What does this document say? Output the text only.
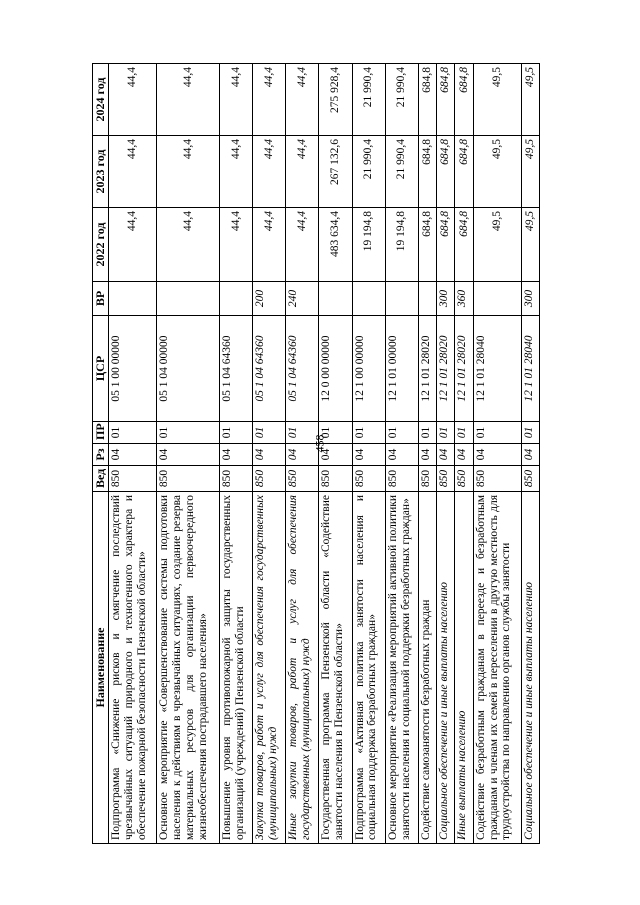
458
Наименование	Вед	Рз	ПР	ЦСР	ВР	2022 год	2023 год	2024 год
Подпрограмма «Снижение рисков и смягчение последствий чрезвычайных ситуаций природного и техногенного характера и обеспечение пожарной безопасности Пензенской области»	850	04	01	05 1 00 00000		44,4	44,4	44,4
Основное мероприятие «Совершенствование системы подготовки населения к действиям в чрезвычайных ситуациях, создание резерва материальных ресурсов для организации первоочередного жизнеобеспечения пострадавшего населения»	850	04	01	05 1 04 00000		44,4	44,4	44,4
Повышение уровня противопожарной защиты государственных организаций (учреждений) Пензенской области	850	04	01	05 1 04 64360		44,4	44,4	44,4
Закупка товаров, работ и услуг для обеспечения государственных (муниципальных) нужд	850	04	01	05 1 04 64360	200	44,4	44,4	44,4
Иные закупки товаров, работ и услуг для обеспечения государственных (муниципальных) нужд	850	04	01	05 1 04 64360	240	44,4	44,4	44,4
Государственная программа Пензенской области «Содействие занятости населения в Пензенской области»	850	04	01	12 0 00 00000		483 634,4	267 132,6	275 928,4
Подпрограмма «Активная политика занятости населения и социальная поддержка безработных граждан»	850	04	01	12 1 00 00000		19 194,8	21 990,4	21 990,4
Основное мероприятие «Реализация мероприятий активной политики занятости населения и социальной поддержки безработных граждан»	850	04	01	12 1 01 00000		19 194,8	21 990,4	21 990,4
Содействие самозанятости безработных граждан	850	04	01	12 1 01 28020		684,8	684,8	684,8
Социальное обеспечение и иные выплаты населению	850	04	01	12 1 01 28020	300	684,8	684,8	684,8
Иные выплаты населению	850	04	01	12 1 01 28020	360	684,8	684,8	684,8
Содействие безработным гражданам в переезде и безработным гражданам и членам их семей в переселении в другую местность для трудоустройства по направлению органов службы занятости	850	04	01	12 1 01 28040		49,5	49,5	49,5
Социальное обеспечение и иные выплаты населению	850	04	01	12 1 01 28040	300	49,5	49,5	49,5
